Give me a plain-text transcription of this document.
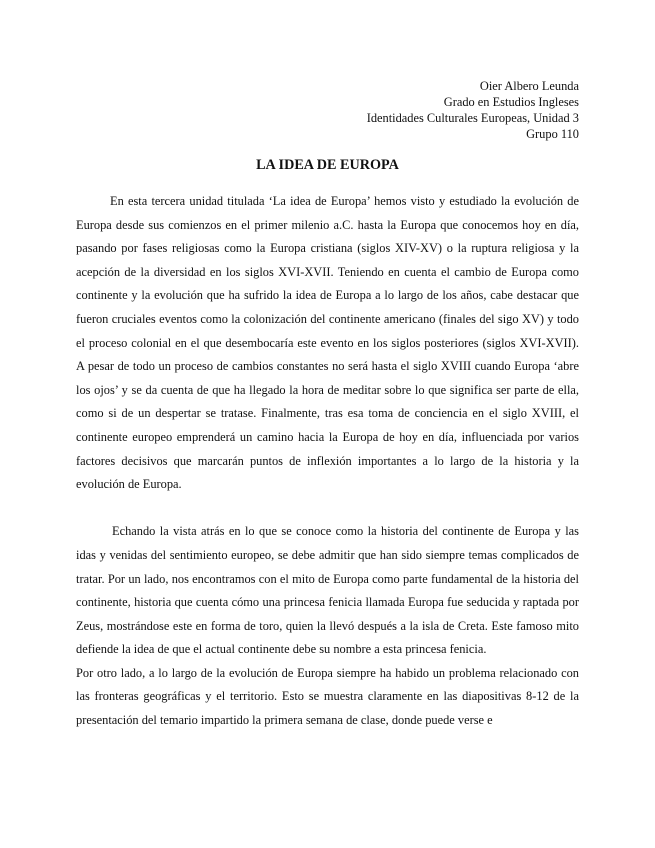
Oier Albero Leunda
Grado en Estudios Ingleses
Identidades Culturales Europeas, Unidad 3
Grupo 110
LA IDEA DE EUROPA

En esta tercera unidad titulada ‘La idea de Europa’ hemos visto y estudiado la evolución de Europa desde sus comienzos en el primer milenio a.C. hasta la Europa que conocemos hoy en día, pasando por fases religiosas como la Europa cristiana (siglos XIV-XV) o la ruptura religiosa y la acepción de la diversidad en los siglos XVI-XVII. Teniendo en cuenta el cambio de Europa como continente y la evolución que ha sufrido la idea de Europa a lo largo de los años, cabe destacar que fueron cruciales eventos como la colonización del continente americano (finales del sigo XV) y todo el proceso colonial en el que desembocaría este evento en los siglos posteriores (siglos XVI-XVII). A pesar de todo un proceso de cambios constantes no será hasta el siglo XVIII cuando Europa ‘abre los ojos’ y se da cuenta de que ha llegado la hora de meditar sobre lo que significa ser parte de ella, como si de un despertar se tratase. Finalmente, tras esa toma de conciencia en el siglo XVIII, el continente europeo emprenderá un camino hacia la Europa de hoy en día, influenciada por varios factores decisivos que marcarán puntos de inflexión importantes a lo largo de la historia y la evolución de Europa.

Echando la vista atrás en lo que se conoce como la historia del continente de Europa y las idas y venidas del sentimiento europeo, se debe admitir que han sido siempre temas complicados de tratar. Por un lado, nos encontramos con el mito de Europa como parte fundamental de la historia del continente, historia que cuenta cómo una princesa fenicia llamada Europa fue seducida y raptada por Zeus, mostrándose este en forma de toro, quien la llevó después a la isla de Creta. Este famoso mito defiende la idea de que el actual continente debe su nombre a esta princesa fenicia.

Por otro lado, a lo largo de la evolución de Europa siempre ha habido un problema relacionado con las fronteras geográficas y el territorio. Esto se muestra claramente en las diapositivas 8-12 de la presentación del temario impartido la primera semana de clase, donde puede verse e
